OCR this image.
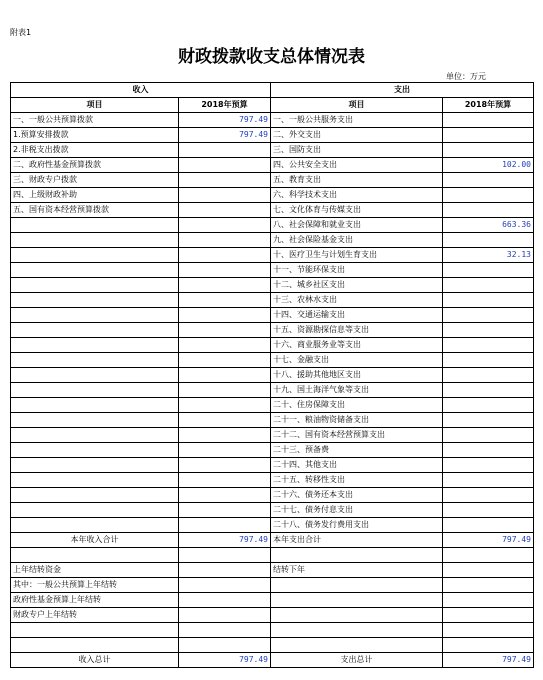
附表1
财政拨款收支总体情况表
单位：万元
收入		支出	
项目	2018年预算	项目	2018年预算
一、一般公共预算拨款	797.49	一、一般公共服务支出	
1.预算安排拨款	797.49	二、外交支出	
2.非税支出拨款		三、国防支出	
二、政府性基金预算拨款		四、公共安全支出	102.00
三、财政专户拨款		五、教育支出	
四、上级财政补助		六、科学技术支出	
五、国有资本经营预算拨款		七、文化体育与传媒支出	
		八、社会保障和就业支出	663.36
		九、社会保险基金支出	
		十、医疗卫生与计划生育支出	32.13
		十一、节能环保支出	
		十二、城乡社区支出	
		十三、农林水支出	
		十四、交通运输支出	
		十五、资源勘探信息等支出	
		十六、商业服务业等支出	
		十七、金融支出	
		十八、援助其他地区支出	
		十九、国土海洋气象等支出	
		二十、住房保障支出	
		二十一、粮油物资储备支出	
		二十二、国有资本经营预算支出	
		二十三、预备费	
		二十四、其他支出	
		二十五、转移性支出	
		二十六、债务还本支出	
		二十七、债务付息支出	
		二十八、债务发行费用支出	
本年收入合计	797.49	本年支出合计	797.49

上年结转资金		结转下年	
其中：一般公共预算上年结转			
政府性基金预算上年结转			
财政专户上年结转			

收入总计	797.49	支出总计	797.49
